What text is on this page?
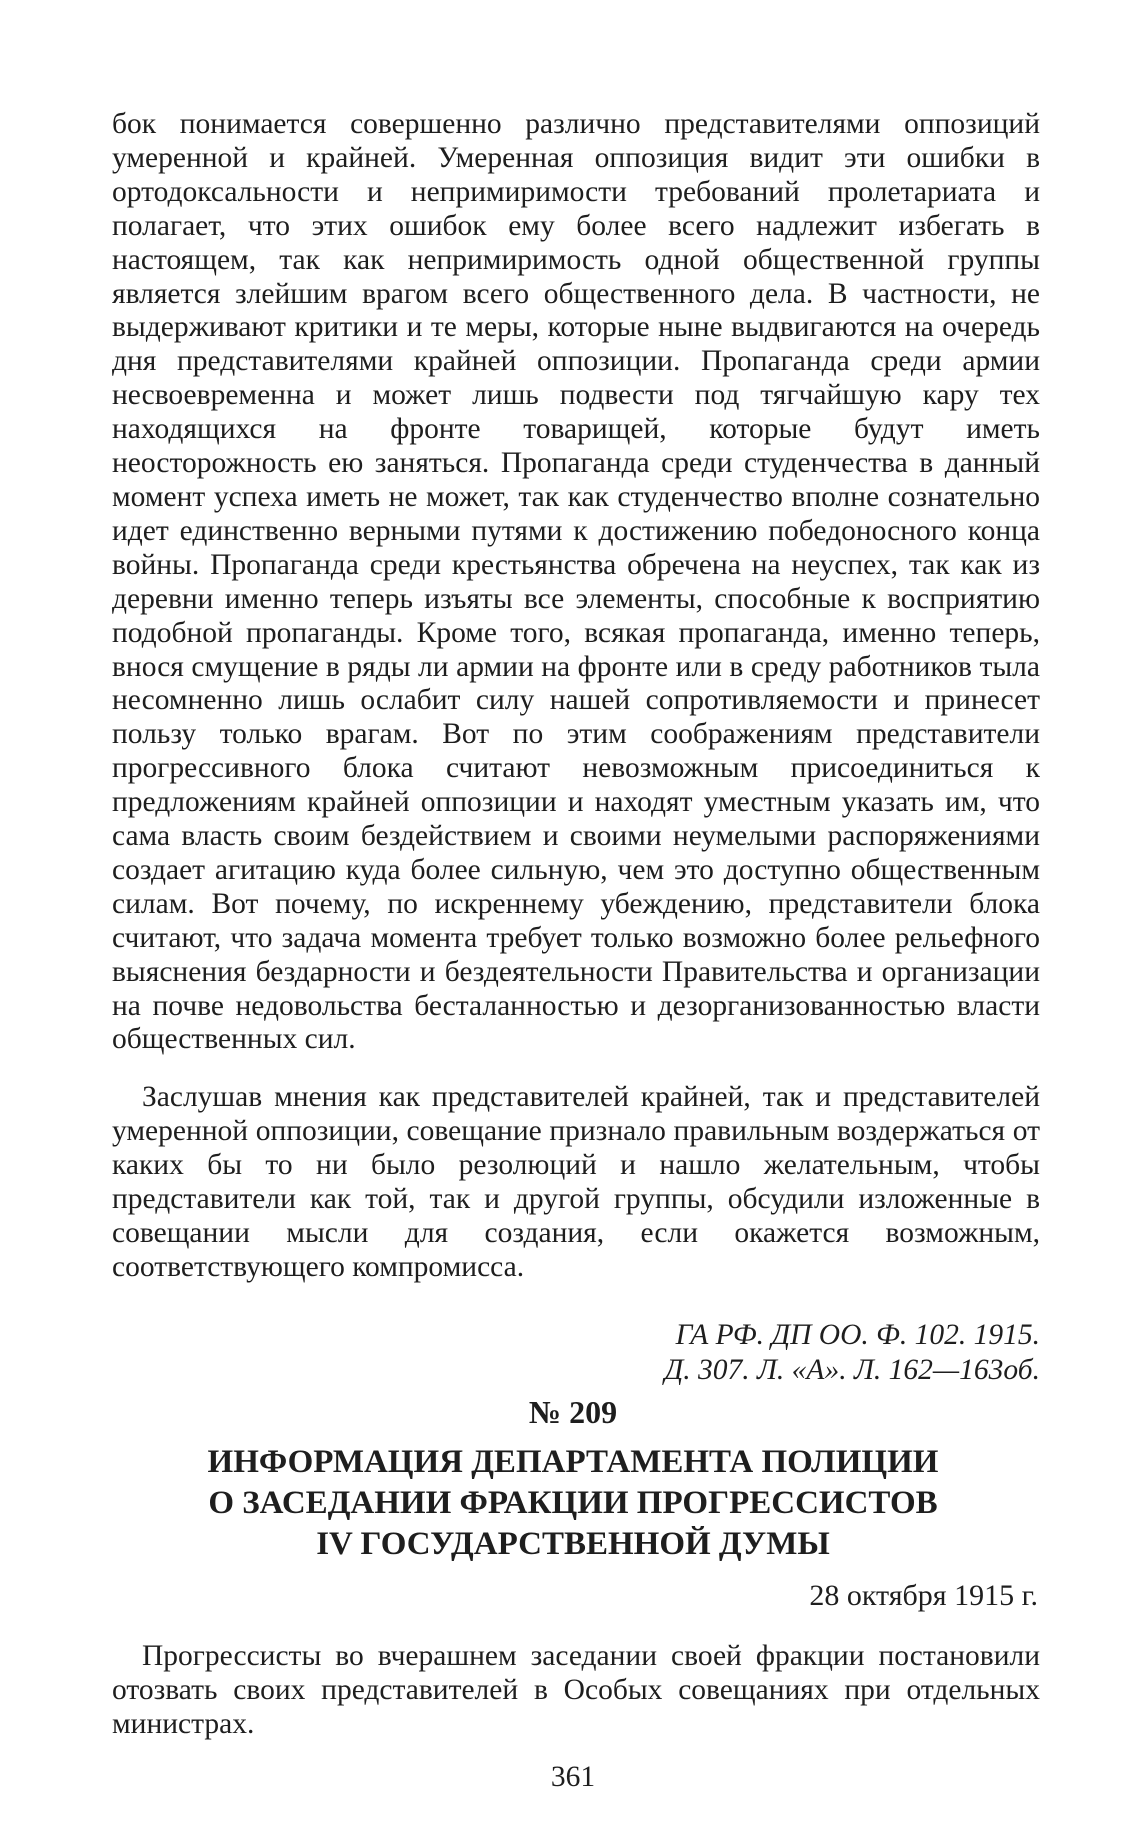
бок понимается совершенно различно представителями оппозиций умеренной и крайней. Умеренная оппозиция видит эти ошибки в ортодоксальности и непримиримости требований пролетариата и полагает, что этих ошибок ему более всего надлежит избегать в настоящем, так как непримиримость одной общественной группы является злейшим врагом всего общественного дела. В частности, не выдерживают критики и те меры, которые ныне выдвигаются на очередь дня представителями крайней оппозиции. Пропаганда среди армии несвоевременна и может лишь подвести под тягчайшую кару тех находящихся на фронте товарищей, которые будут иметь неосторожность ею заняться. Пропаганда среди студенчества в данный момент успеха иметь не может, так как студенчество вполне сознательно идет единственно верными путями к достижению победоносного конца войны. Пропаганда среди крестьянства обречена на неуспех, так как из деревни именно теперь изъяты все элементы, способные к восприятию подобной пропаганды. Кроме того, всякая пропаганда, именно теперь, внося смущение в ряды ли армии на фронте или в среду работников тыла несомненно лишь ослабит силу нашей сопротивляемости и принесет пользу только врагам. Вот по этим соображениям представители прогрессивного блока считают невозможным присоединиться к предложениям крайней оппозиции и находят уместным указать им, что сама власть своим бездействием и своими неумелыми распоряжениями создает агитацию куда более сильную, чем это доступно общественным силам. Вот почему, по искреннему убеждению, представители блока считают, что задача момента требует только возможно более рельефного выяснения бездарности и бездеятельности Правительства и организации на почве недовольства бесталанностью и дезорганизованностью власти общественных сил.

Заслушав мнения как представителей крайней, так и представителей умеренной оппозиции, совещание признало правильным воздержаться от каких бы то ни было резолюций и нашло желательным, чтобы представители как той, так и другой группы, обсудили изложенные в совещании мысли для создания, если окажется возможным, соответствующего компромисса.

ГА РФ. ДП ОО. Ф. 102. 1915.
Д. 307. Л. «А». Л. 162—163об.
№ 209
ИНФОРМАЦИЯ ДЕПАРТАМЕНТА ПОЛИЦИИ
О ЗАСЕДАНИИ ФРАКЦИИ ПРОГРЕССИСТОВ
IV ГОСУДАРСТВЕННОЙ ДУМЫ
28 октября 1915 г.

Прогрессисты во вчерашнем заседании своей фракции постановили отозвать своих представителей в Особых совещаниях при отдельных министрах.

361
